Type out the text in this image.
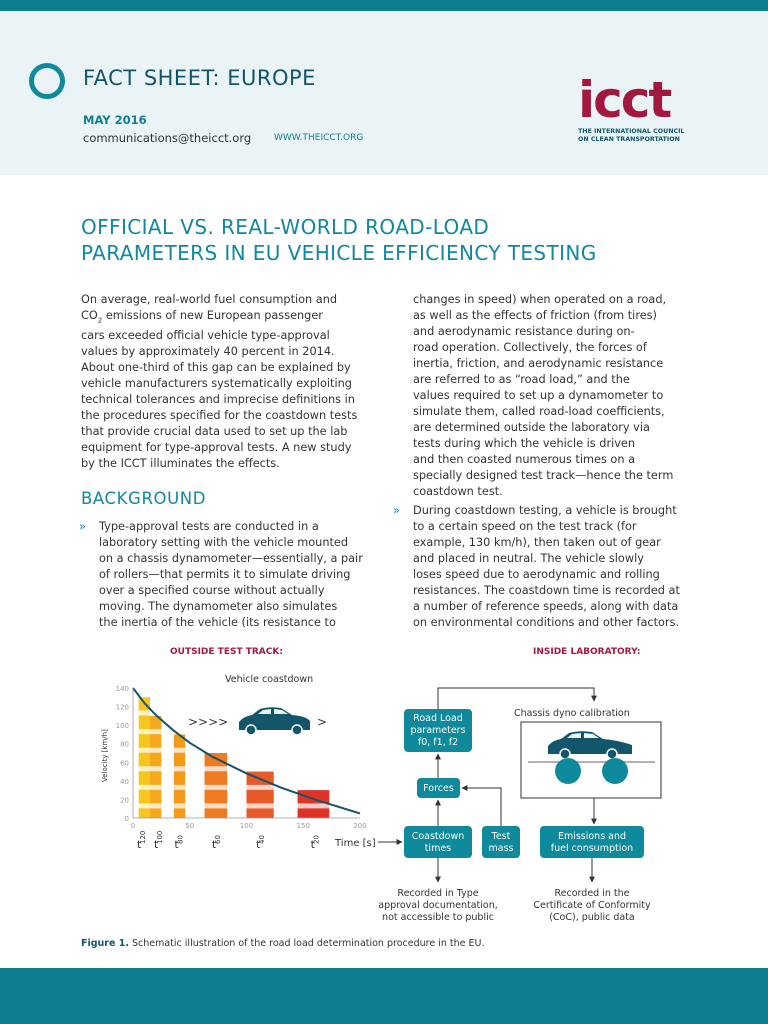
FACT SHEET: EUROPE
MAY 2016
communications@theicct.org	WWW.THEICCT.ORG
icct
THE INTERNATIONAL COUNCIL
ON CLEAN TRANSPORTATION
OFFICIAL VS. REAL-WORLD ROAD-LOAD
PARAMETERS IN EU VEHICLE EFFICIENCY TESTING

On average, real-world fuel consumption and

$CO_2$ emissions of new European passenger

cars exceeded official vehicle type-approval

values by approximately 40 percent in 2014.

About one-third of this gap can be explained by

vehicle manufacturers systematically exploiting

technical tolerances and imprecise definitions in

the procedures specified for the coastdown tests

that provide crucial data used to set up the lab

equipment for type-approval tests. A new study

by the ICCT illuminates the effects.

BACKGROUND
» Type-approval tests are conducted in a

laboratory setting with the vehicle mounted

on a chassis dynamometer—essentially, a pair

of rollers—that permits it to simulate driving

over a specified course without actually

moving. The dynamometer also simulates

the inertia of the vehicle (its resistance to

changes in speed) when operated on a road,

as well as the effects of friction (from tires)

and aerodynamic resistance during on-

road operation. Collectively, the forces of

inertia, friction, and aerodynamic resistance

are referred to as “road load,” and the

values required to set up a dynamometer to

simulate them, called road-load coefficients,

are determined outside the laboratory via

tests during which the vehicle is driven

and then coasted numerous times on a

specially designed test track—hence the term

coastdown test.

» During coastdown testing, a vehicle is brought

to a certain speed on the test track (for

example, 130 km/h), then taken out of gear

and placed in neutral. The vehicle slowly

loses speed due to aerodynamic and rolling

resistances. The coastdown time is recorded at

a number of reference speeds, along with data

on environmental conditions and other factors.

OUTSIDE TEST TRACK:	INSIDE LABORATORY:
0
20
40
60
80
100
120
140
0	50	100	150	200
t
120
t
100
t
80 t
60	t
40	t
20
Vehicle coastdown
Velocity [km/h]
Time [s]
>>>>	>	Road Load
parameters
f0, f1, f2
Forces
Coastdown
times
Test
mass
Emissions and
fuel consumption
Chassis dyno calibration
Recorded in Type
approval documentation,
not accessible to public
Recorded in the
Certificate of Conformity
(CoC), public data
Figure 1. Schematic illustration of the road load determination procedure in the EU.
